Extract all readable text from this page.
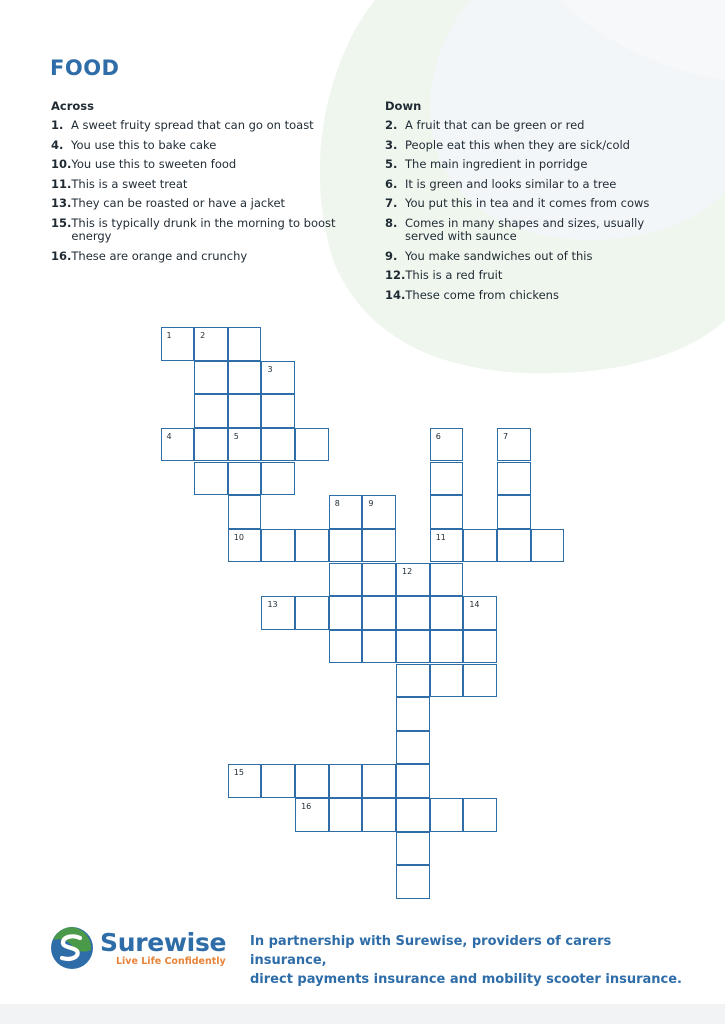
FOOD
Across
1. A sweet fruity spread that can go on toast
4. You use this to bake cake
10. You use this to sweeten food
11. This is a sweet treat
13. They can be roasted or have a jacket
15. This is typically drunk in the morning to boost energy
16. These are orange and crunchy
Down
2. A fruit that can be green or red
3. People eat this when they are sick/cold
5. The main ingredient in porridge
6. It is green and looks similar to a tree
7. You put this in tea and it comes from cows
8. Comes in many shapes and sizes, usually served with saunce
9. You make sandwiches out of this
12. This is a red fruit
14. These come from chickens
1	2
3
4	5	6	7
8	9
10	11
12
13	14
15
16
Surewise
Live Life Confidently
In partnership with Surewise, providers of carers insurance,
direct payments insurance and mobility scooter insurance.
